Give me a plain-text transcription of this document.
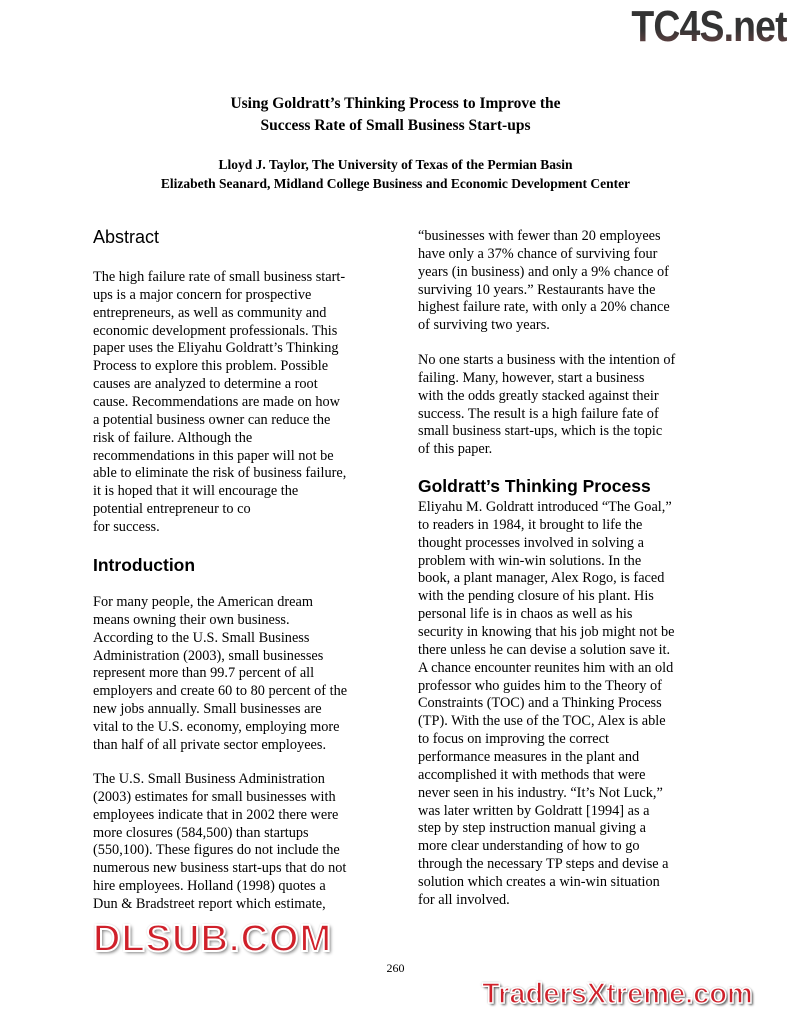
TC4S.net
Using Goldratt’s Thinking Process to Improve the
Success Rate of Small Business Start-ups
Lloyd J. Taylor, The University of Texas of the Permian Basin
Elizabeth Seanard, Midland College Business and Economic Development Center
Abstract
The high failure rate of small business start-
ups is a major concern for prospective
entrepreneurs, as well as community and
economic development professionals. This
paper uses the Eliyahu Goldratt’s Thinking
Process to explore this problem. Possible
causes are analyzed to determine a root
cause. Recommendations are made on how
a potential business owner can reduce the
risk of failure. Although the
recommendations in this paper will not be
able to eliminate the risk of business failure,
it is hoped that it will encourage the
potential entrepreneur to co
for success.
Introduction
For many people, the American dream
means owning their own business.
According to the U.S. Small Business
Administration (2003), small businesses
represent more than 99.7 percent of all
employers and create 60 to 80 percent of the
new jobs annually. Small businesses are
vital to the U.S. economy, employing more
than half of all private sector employees.
The U.S. Small Business Administration
(2003) estimates for small businesses with
employees indicate that in 2002 there were
more closures (584,500) than startups
(550,100). These figures do not include the
numerous new business start-ups that do not
hire employees. Holland (1998) quotes a
Dun & Bradstreet report which estimate,
“businesses with fewer than 20 employees
have only a 37% chance of surviving four
years (in business) and only a 9% chance of
surviving 10 years.” Restaurants have the
highest failure rate, with only a 20% chance
of surviving two years.
No one starts a business with the intention of
failing. Many, however, start a business
with the odds greatly stacked against their
success. The result is a high failure fate of
small business start-ups, which is the topic
of this paper.
Goldratt’s Thinking Process
Eliyahu M. Goldratt introduced “The Goal,”
to readers in 1984, it brought to life the
thought processes involved in solving a
problem with win-win solutions. In the
book, a plant manager, Alex Rogo, is faced
with the pending closure of his plant. His
personal life is in chaos as well as his
security in knowing that his job might not be
there unless he can devise a solution save it.
A chance encounter reunites him with an old
professor who guides him to the Theory of
Constraints (TOC) and a Thinking Process
(TP). With the use of the TOC, Alex is able
to focus on improving the correct
performance measures in the plant and
accomplished it with methods that were
never seen in his industry. “It’s Not Luck,”
was later written by Goldratt [1994] as a
step by step instruction manual giving a
more clear understanding of how to go
through the necessary TP steps and devise a
solution which creates a win-win situation
for all involved.
DLSUB.COM
260
TradersXtreme.com
